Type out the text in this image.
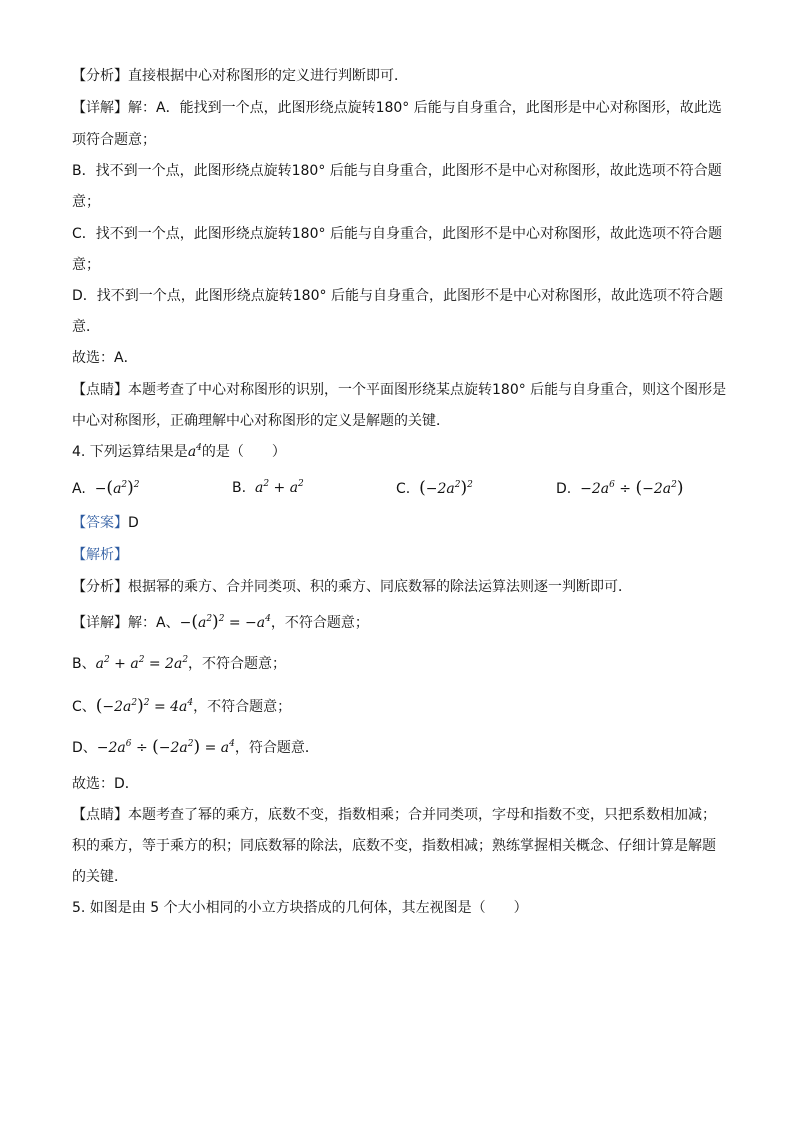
【分析】直接根据中心对称图形的定义进行判断即可．
【详解】解：A．能找到一个点，此图形绕点旋转180° 后能与自身重合，此图形是中心对称图形，故此选
项符合题意；
B．找不到一个点，此图形绕点旋转180° 后能与自身重合，此图形不是中心对称图形，故此选项不符合题
意；
C．找不到一个点，此图形绕点旋转180° 后能与自身重合，此图形不是中心对称图形，故此选项不符合题
意；
D．找不到一个点，此图形绕点旋转180° 后能与自身重合，此图形不是中心对称图形，故此选项不符合题
意．
故选：A．
【点睛】本题考查了中心对称图形的识别，一个平面图形绕某点旋转180° 后能与自身重合，则这个图形是
中心对称图形，正确理解中心对称图形的定义是解题的关键．
4. 下列运算结果是$a^4$的是（　　）
A. $-(a^2)^2$	B. $a^2 + a^2$	C. $(-2a^2)^2$	D. $-2a^6 \div (-2a^2)$
【答案】D
【解析】
【分析】根据幂的乘方、合并同类项、积的乘方、同底数幂的除法运算法则逐一判断即可．
【详解】解：A、$-(a^2)^2 = -a^4$，不符合题意；
B、$a^2 + a^2 = 2a^2$，不符合题意；
C、$(-2a^2)^2 = 4a^4$，不符合题意；
D、$-2a^6 \div (-2a^2) = a^4$，符合题意．
故选：D．
【点睛】本题考查了幂的乘方，底数不变，指数相乘；合并同类项，字母和指数不变，只把系数相加减；
积的乘方，等于乘方的积；同底数幂的除法，底数不变，指数相减；熟练掌握相关概念、仔细计算是解题
的关键．
5. 如图是由 5 个大小相同的小立方块搭成的几何体，其左视图是（　　）
